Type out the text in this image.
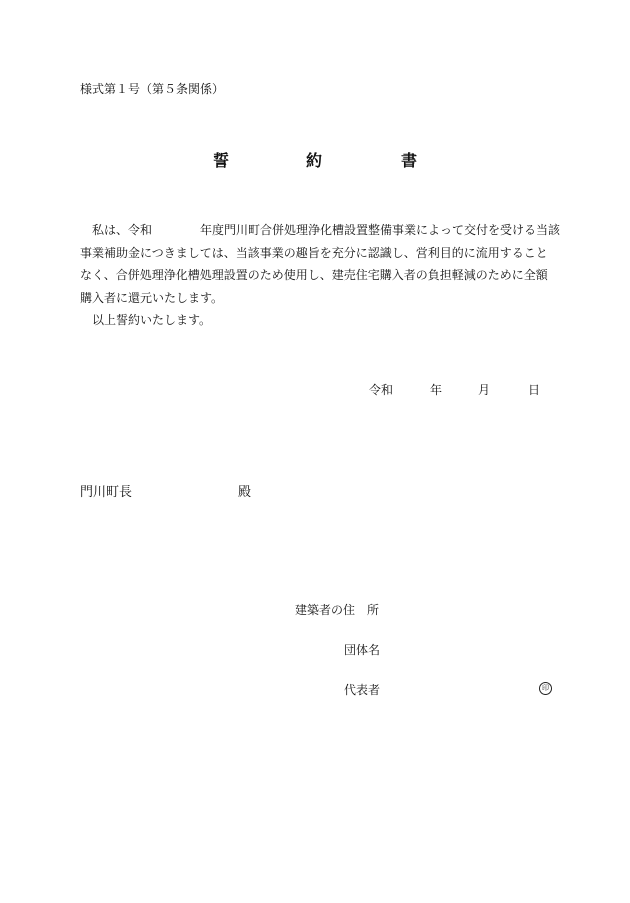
様式第１号（第５条関係）
誓	約	書
私は、令和	年度門川町合併処理浄化槽設置整備事業によって交付を受ける当該
事業補助金につきましては、当該事業の趣旨を充分に認識し、営利目的に流用すること
なく、合併処理浄化槽処理設置のため使用し、建売住宅購入者の負担軽減のために全額
購入者に還元いたします。
以上誓約いたします。
令和	年	月	日
門川町長	殿
建築者の住　所
団体名
代表者	印
